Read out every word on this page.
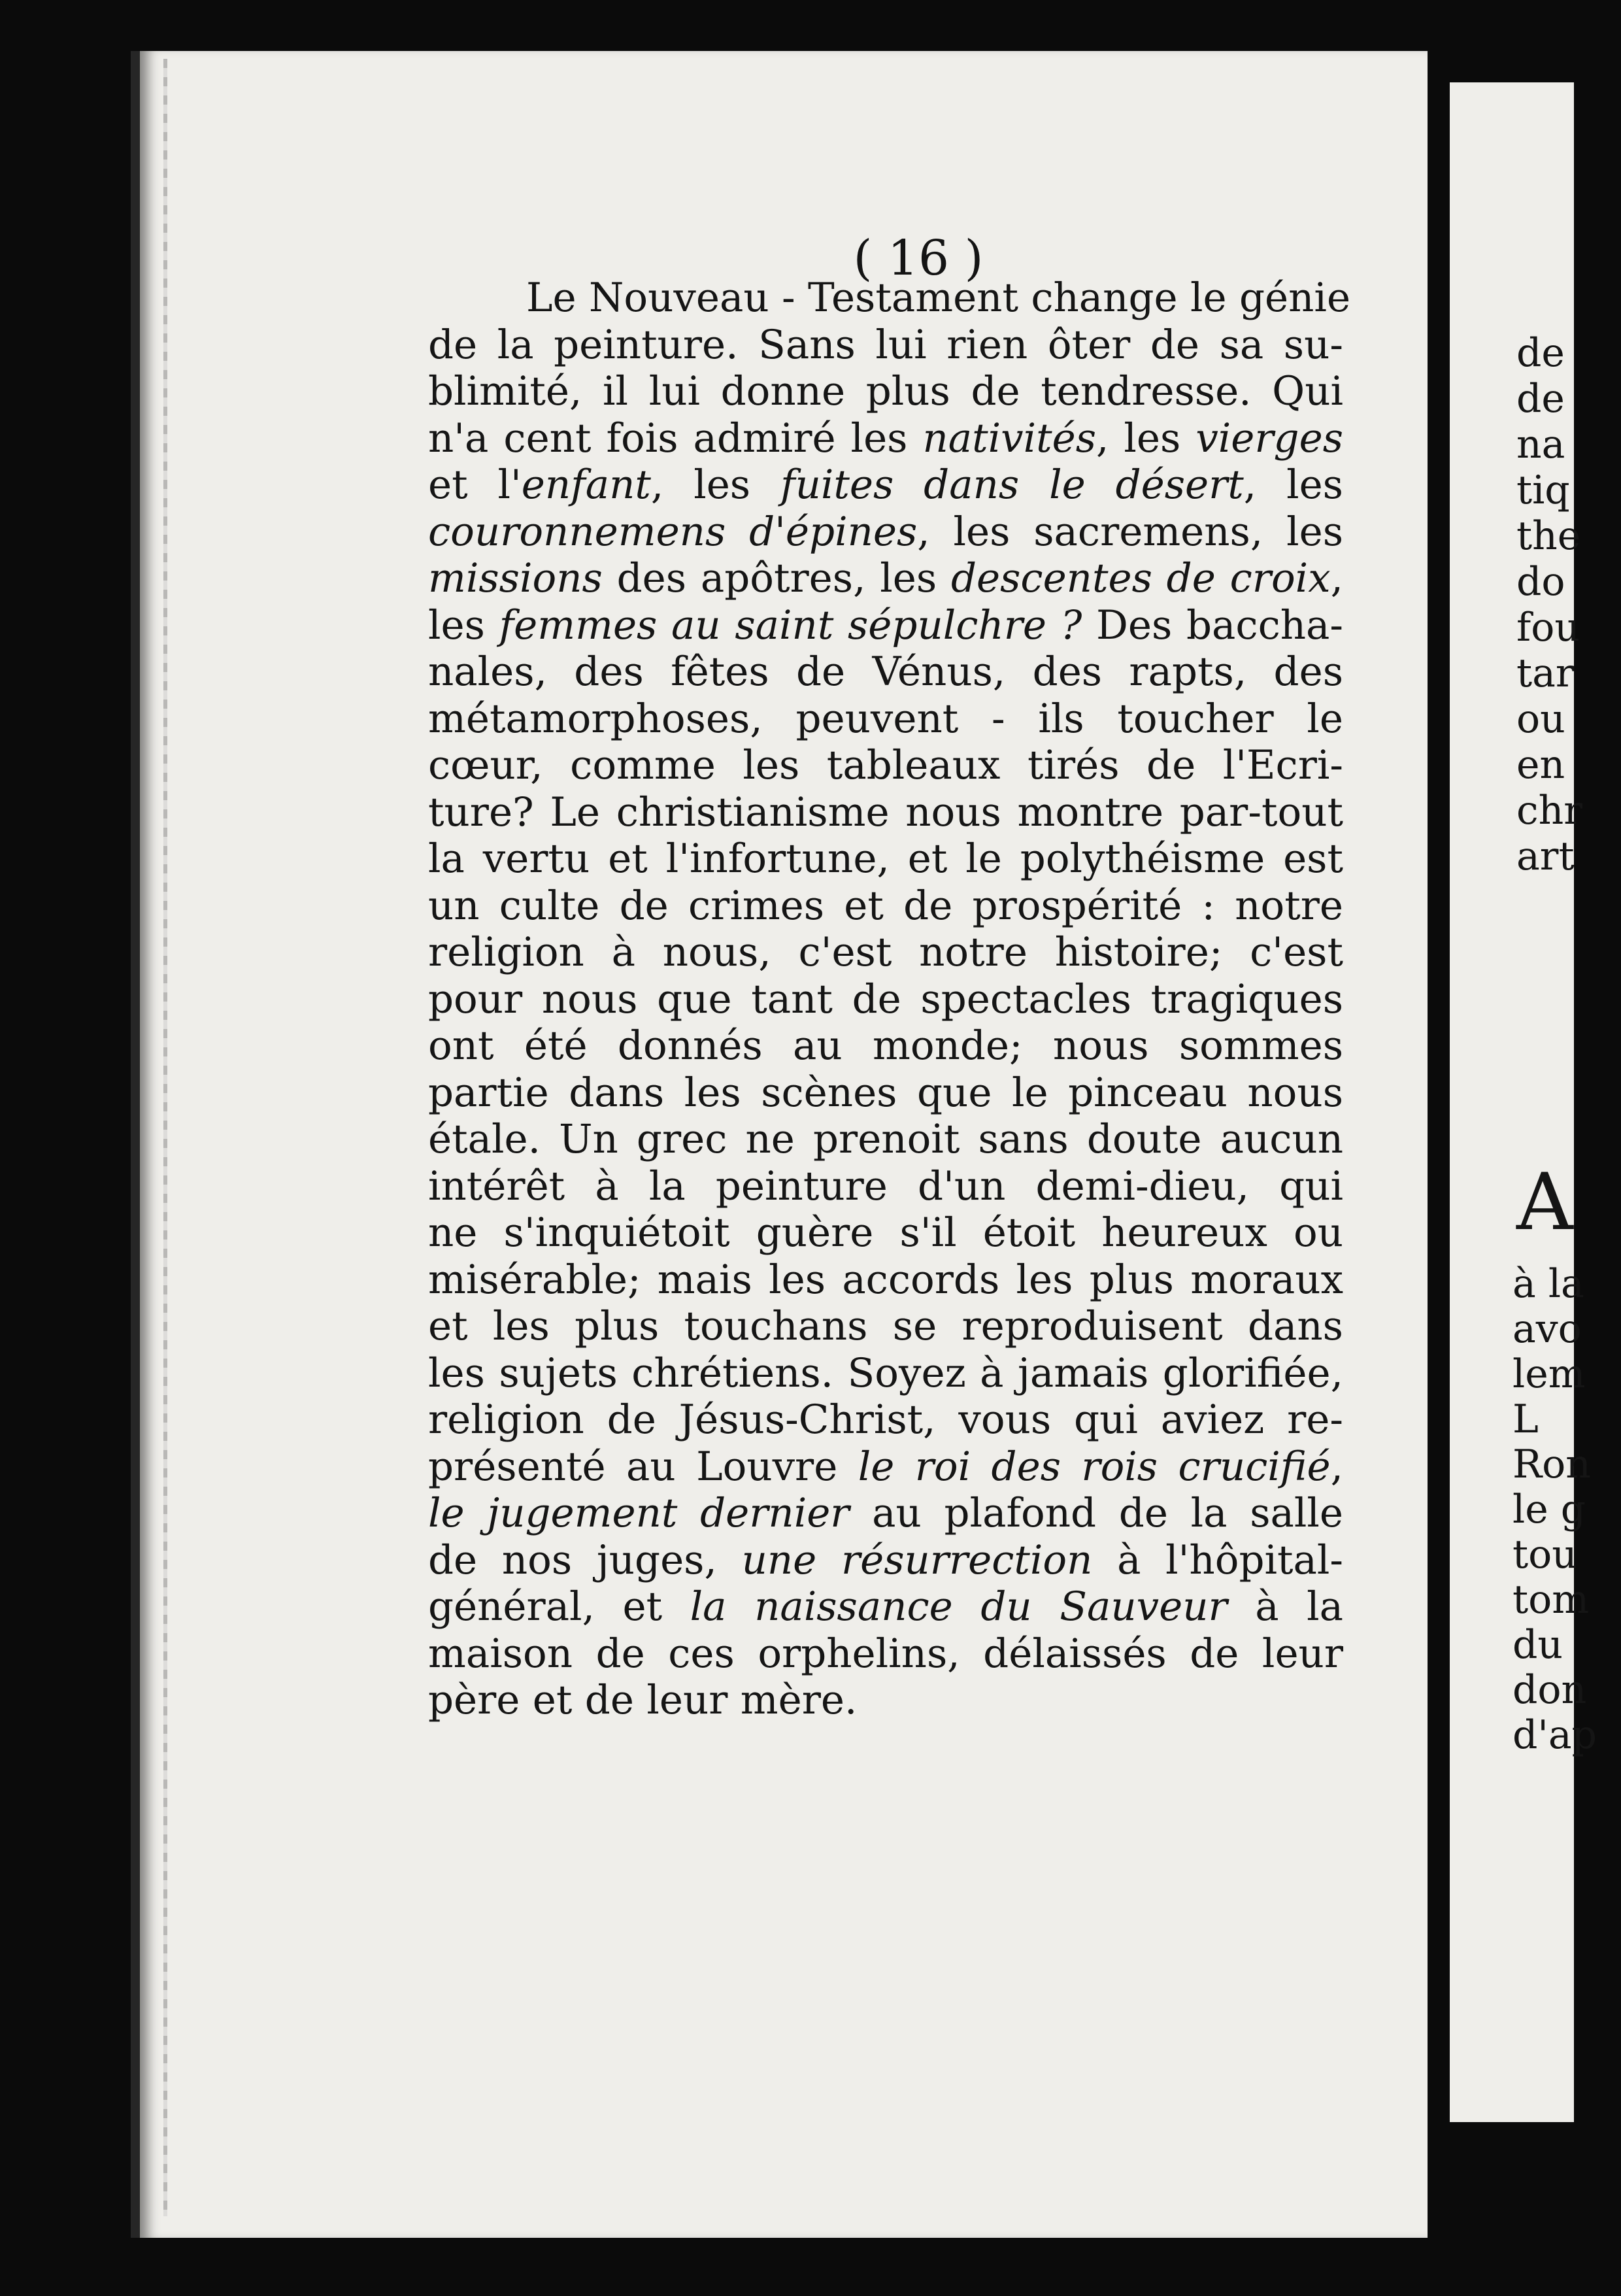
( 16 )
Le Nouveau - Testament change le génie
de la peinture. Sans lui rien ôter de sa su-
blimité, il lui donne plus de tendresse. Qui
n'a cent fois admiré les nativités, les vierges
et l'enfant, les fuites dans le désert, les
couronnemens d'épines, les sacremens, les
missions des apôtres, les descentes de croix,
les femmes au saint sépulchre ? Des baccha-
nales, des fêtes de Vénus, des rapts, des
métamorphoses, peuvent - ils toucher le
cœur, comme les tableaux tirés de l'Ecri-
ture? Le christianisme nous montre par-tout
la vertu et l'infortune, et le polythéisme est
un culte de crimes et de prospérité : notre
religion à nous, c'est notre histoire; c'est
pour nous que tant de spectacles tragiques
ont été donnés au monde; nous sommes
partie dans les scènes que le pinceau nous
étale. Un grec ne prenoit sans doute aucun
intérêt à la peinture d'un demi-dieu, qui
ne s'inquiétoit guère s'il étoit heureux ou
misérable; mais les accords les plus moraux
et les plus touchans se reproduisent dans
les sujets chrétiens. Soyez à jamais glorifiée,
religion de Jésus-Christ, vous qui aviez re-
présenté au Louvre le roi des rois crucifié,
le jugement dernier au plafond de la salle
de nos juges, une résurrection à l'hôpital-
général, et la naissance du Sauveur à la
maison de ces orphelins, délaissés de leur
père et de leur mère.
de
de
na
tiq
the
do
fou
tar
ou
en
chr
art
A
à la
avo
lem
L
Ron
le g
tou
tom
du
don
d'ap
